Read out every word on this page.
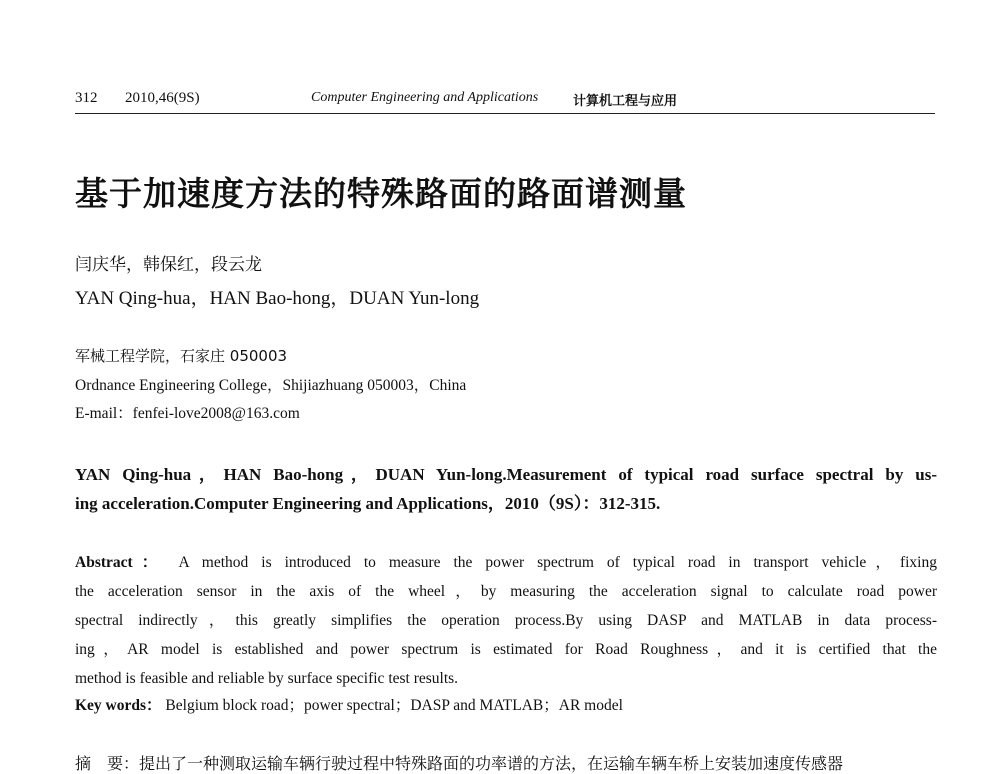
312 2010,46(9S)	Computer Engineering and Applications	计算机工程与应用
基于加速度方法的特殊路面的路面谱测量
闫庆华，韩保红，段云龙
YAN Qing-hua，HAN Bao-hong，DUAN Yun-long
军械工程学院，石家庄 050003
Ordnance Engineering College，Shijiazhuang 050003，China
E-mail：fenfei-love2008@163.com
YAN Qing-hua，HAN Bao-hong，DUAN Yun-long.Measurement of typical road surface spectral by us-
ing acceleration.Computer Engineering and Applications，2010（9S）：312-315.
Abstract： A method is introduced to measure the power spectrum of typical road in transport vehicle，fixing
the acceleration sensor in the axis of the wheel，by measuring the acceleration signal to calculate road power
spectral indirectly，this greatly simplifies the operation process.By using DASP and MATLAB in data process-
ing，AR model is established and power spectrum is estimated for Road Roughness，and it is certified that the
method is feasible and reliable by surface specific test results.
Key words： Belgium block road；power spectral；DASP and MATLAB；AR model
摘　要：提出了一种测取运输车辆行驶过程中特殊路面的功率谱的方法，在运输车辆车桥上安装加速度传感器
